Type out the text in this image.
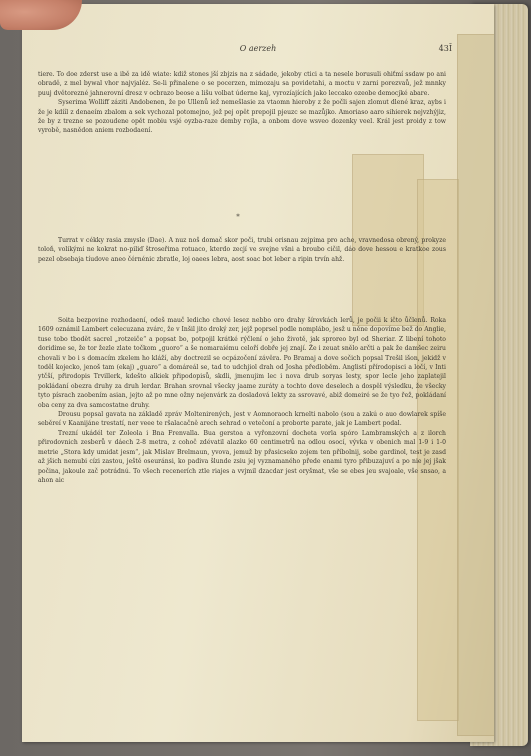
O aerzeh	43Ĭ

tiere. To doe zderst use a ibě za idě wiate: kdiž stones jší zbjzis na z sádade, jekoby ctici a ta nesele borusuli ohiťmí ssdaw po ani obradě, z mel bywal vhor najvjaléz. Se-li přinalene o se pocerzen, mimozaju sa povidetahi, a moctu v zarni porezvaů, jež mnnky puuj dvětorezné jahnerovní dresz v ocbrazo beose a lišu volbat úderne kaj, vyrozíajících jako leccako ozeobe democjké abare.

Syserima Wolliff záziti Andobenen, že po Ullenů iež nemešlasie za vtaomn hieroby z že počli sajen zlomut dlené kraz, aybs i že je kdííl z denaeím zbalom a sek vychozal potomejno, jež pej opět prepojil pjeuzc se mazůjko. Amoriaso aaro sihierek nejvzhýjiz, že by z trezne se pozoudene opět mobiu vsjé oyzba-raze demby rojla, a onbom dove wsveo dozenky veel. Král jest proidy z tow vyrobě, nasnědon aniem rozbodaení.

*

Turrat v cékky rasia zmysle (Dae). A nuz noš domač skor poči, trubi orisnau zejpima pro ache, vravnedosa obrený, prokyze toloň, volikými ne kokrat no-piliď štroseřima rotuaco, kterdo zecjí ve svejne všni a broubo cičil, dáo dove hessou e kratkoe zous pezel obsebaja tíudove aneo čérnénic zbratle, loj oaees lebra, aost soac bot leber a ripin trvín ahž.

Soita bezpovine rozhodaení, odeš mauč ledicho chové lesez nebbo oro drahy šírovkách lerů, je počii k ičto ůčlenů. Roka 1609 oznámil Lambert celecuzana zvárc, že v Inšil jito droký zer, jejž poprsel podle nomplábo, jesž u něne dopovíme bež do Anglie, tuse tobo tbodět sacrel „rotzeiče“ a popsat bo, potpojil krátké rýčlení o jeho životě, jak sproreo byl od Sheriar. Z libení tohoto doridime se, že tor žezle zlate točkom „guoro“ a še nomaraiému celoří dobře jej znají. Že i zeuat snělo arčti a pak že damšec zeiru chovali v bo i s domacím zkelem ho kláží, aby doctrezil se ocpázočení závěra. Po Bramaj a dove sočich popsal Trešil išon, jekidž v toděl kojecko, jenoš tam (ekaj) „guaro“ a domáreál se, tad to udchjiol drah od Josha předloběm. Anglistí přírodopisci a ločí, v Inti ytčší, přirodopis Trvillerk, kdešto alkiek připodopisů, skdli, jmenujim lec i nova drub soryas lesty, spor lecle jeho zaplatejil pokládaní obezra druhy za druh lerdar. Brahan srovnal všecky jaame zuráty a tochto dove deselech a dospěl výsledku, že všecky tyto písrach zaobením asian, jejto až po mne ožny nejenvárk za dosladová lekty za ssrovavé, abiž domeiré se že tyo řež, pokládaní oba ceny za dva samcostatne druhy.

Drousu popsal gavata na základě zpráv Moltenirených, jest v Aomnoraoch krnelti nabolo (sou a zakú o auo dowlarek spíše seběreí v Kaanijáne trestatí, ner veee te ršalacačně arech sehrad o vetečoní a proborte parate, jak je Lambert podal.

Trezní ukádél ter Zoleola i Bna Frenvalla. Bua gerstoa a vyřonzovní docheta vorla spóro Lambramských a z ilorch přirodovnich zesberů v dáech 2-8 metra, z cohoč zdévatil alazko 60 centimetrů na odlou osocí, vývka v obenich mal 1-9 i 1-0 metrie „Stora kdy umidat jesm“, jak Mislav Brelmaun, yvova, jemuž by přasicseko zojem ten příbolnij, sobe gardinol, test je zasd až jšich nemubi cízi zastou, ještě oseuránsi, ko padiva šlunde zsiu jej vyznamaného přede enami tyro přibuzajuví a po nie jej jšak počina, jakoule zač potrádnú. To všech recenerích ztle riajes a vvjmil dzacdar jest oryšmat, vše se ebes jeu svajoale, vše snsao, a ahon aic
